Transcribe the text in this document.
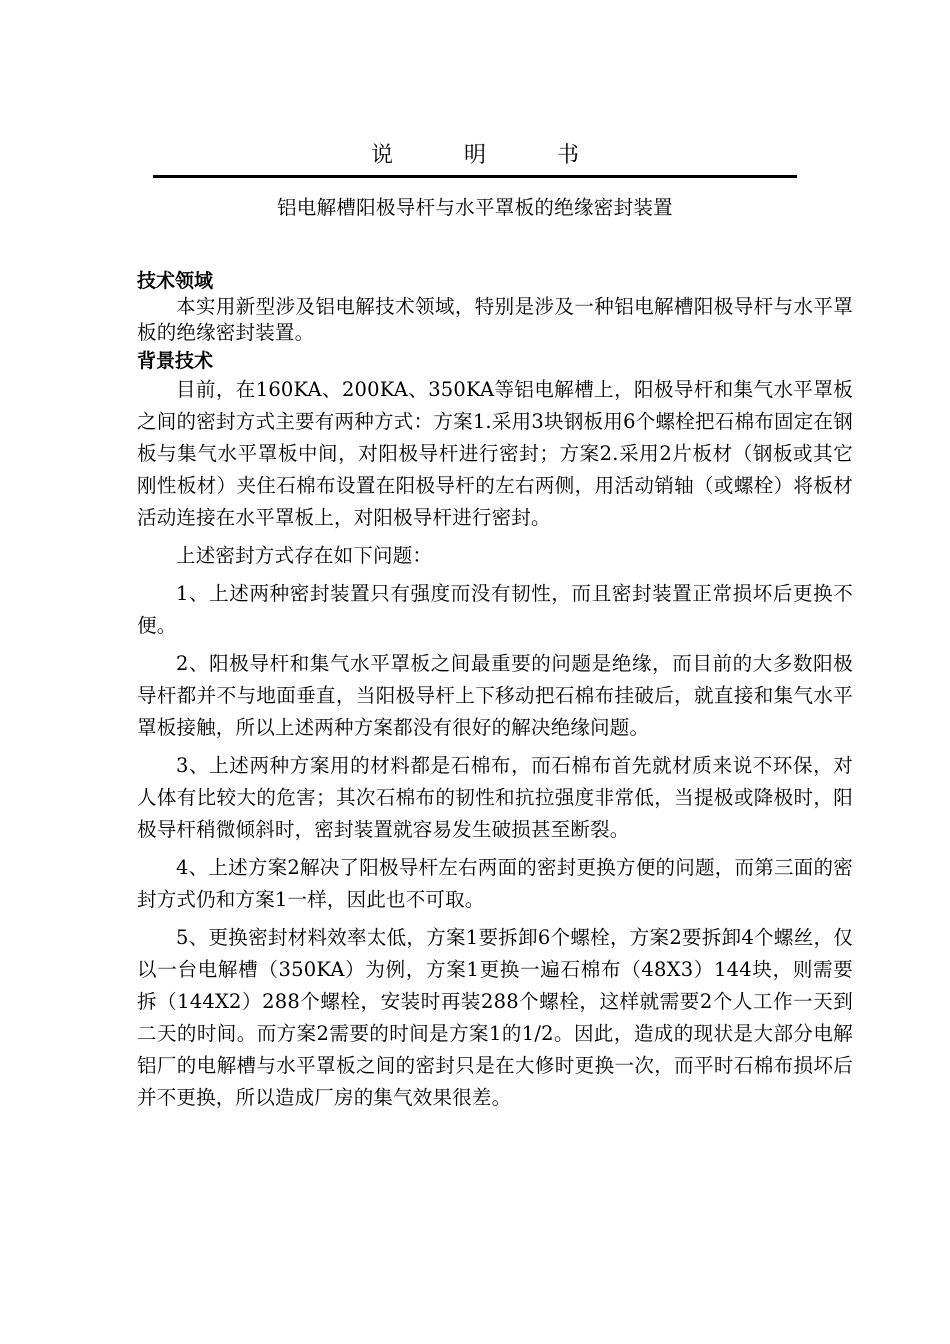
说 明 书
铝电解槽阳极导杆与水平罩板的绝缘密封装置
技术领域

本实用新型涉及铝电解技术领域，特别是涉及一种铝电解槽阳极导杆与水平罩板的绝缘密封装置。

背景技术

目前，在160KA、200KA、350KA等铝电解槽上，阳极导杆和集气水平罩板之间的密封方式主要有两种方式：方案1.采用3块钢板用6个螺栓把石棉布固定在钢板与集气水平罩板中间，对阳极导杆进行密封；方案2.采用2片板材（钢板或其它刚性板材）夹住石棉布设置在阳极导杆的左右两侧，用活动销轴（或螺栓）将板材活动连接在水平罩板上，对阳极导杆进行密封。

上述密封方式存在如下问题：

1、上述两种密封装置只有强度而没有韧性，而且密封装置正常损坏后更换不便。

2、阳极导杆和集气水平罩板之间最重要的问题是绝缘，而目前的大多数阳极导杆都并不与地面垂直，当阳极导杆上下移动把石棉布挂破后，就直接和集气水平罩板接触，所以上述两种方案都没有很好的解决绝缘问题。

3、上述两种方案用的材料都是石棉布，而石棉布首先就材质来说不环保，对人体有比较大的危害；其次石棉布的韧性和抗拉强度非常低，当提极或降极时，阳极导杆稍微倾斜时，密封装置就容易发生破损甚至断裂。

4、上述方案2解决了阳极导杆左右两面的密封更换方便的问题，而第三面的密封方式仍和方案1一样，因此也不可取。

5、更换密封材料效率太低，方案1要拆卸6个螺栓，方案2要拆卸4个螺丝，仅以一台电解槽（350KA）为例，方案1更换一遍石棉布（48X3）144块，则需要拆（144X2）288个螺栓，安装时再装288个螺栓，这样就需要2个人工作一天到二天的时间。而方案2需要的时间是方案1的1/2。因此，造成的现状是大部分电解铝厂的电解槽与水平罩板之间的密封只是在大修时更换一次，而平时石棉布损坏后并不更换，所以造成厂房的集气效果很差。
